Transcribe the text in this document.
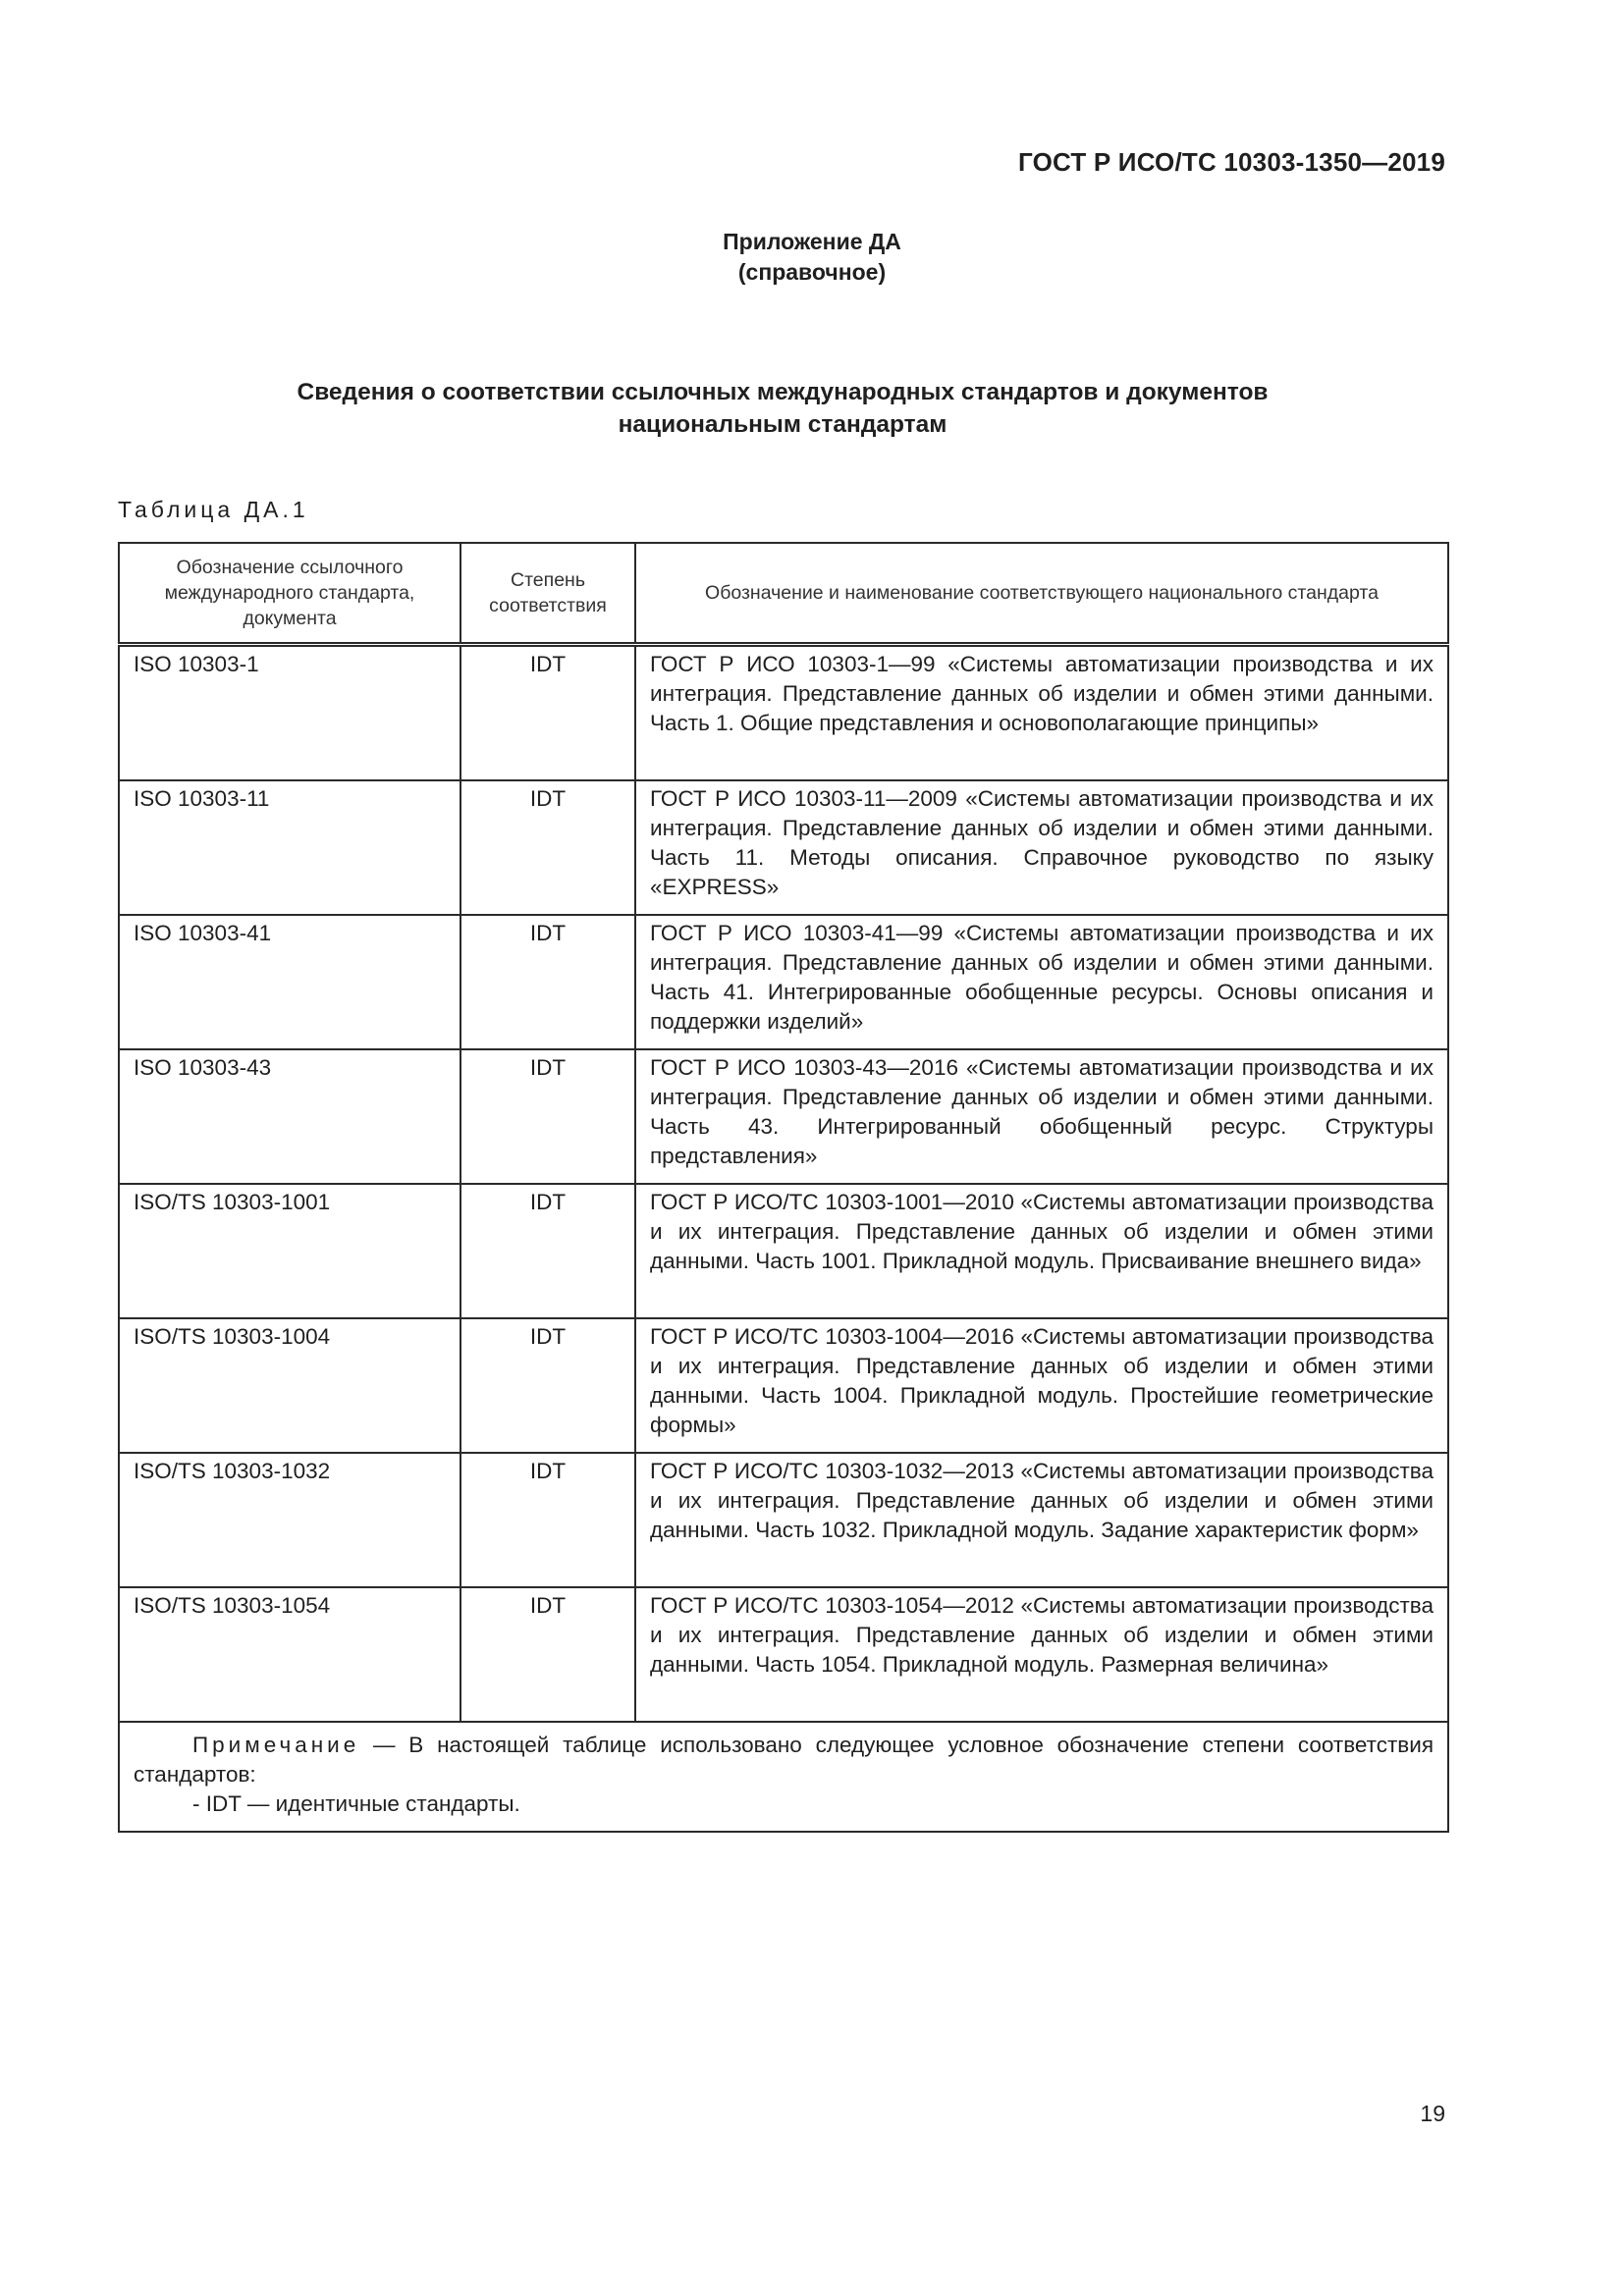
ГОСТ Р ИСО/ТС 10303-1350—2019
Приложение ДА
(справочное)
Сведения о соответствии ссылочных международных стандартов и документов
национальным стандартам
Таблица ДА.1
Обозначение ссылочного международного стандарта, документа	Степень соответствия	Обозначение и наименование соответствующего национального стандарта
ISO 10303-1	IDT	ГОСТ Р ИСО 10303-1—99 «Системы автоматизации производства и их интеграция. Представление данных об изделии и обмен этими данными. Часть 1. Общие представления и основополагающие принципы»
ISO 10303-11	IDT	ГОСТ Р ИСО 10303-11—2009 «Системы автоматизации производства и их интеграция. Представление данных об изделии и обмен этими данными. Часть 11. Методы описания. Справочное руководство по языку «EXPRESS»
ISO 10303-41	IDT	ГОСТ Р ИСО 10303-41—99 «Системы автоматизации производства и их интеграция. Представление данных об изделии и обмен этими данными. Часть 41. Интегрированные обобщенные ресурсы. Основы описания и поддержки изделий»
ISO 10303-43	IDT	ГОСТ Р ИСО 10303-43—2016 «Системы автоматизации производства и их интеграция. Представление данных об изделии и обмен этими данными. Часть 43. Интегрированный обобщенный ресурс. Структуры представления»
ISO/TS 10303-1001	IDT	ГОСТ Р ИСО/ТС 10303-1001—2010 «Системы автоматизации производства и их интеграция. Представление данных об изделии и обмен этими данными. Часть 1001. Прикладной модуль. Присваивание внешнего вида»
ISO/TS 10303-1004	IDT	ГОСТ Р ИСО/ТС 10303-1004—2016 «Системы автоматизации производства и их интеграция. Представление данных об изделии и обмен этими данными. Часть 1004. Прикладной модуль. Простейшие геометрические формы»
ISO/TS 10303-1032	IDT	ГОСТ Р ИСО/ТС 10303-1032—2013 «Системы автоматизации производства и их интеграция. Представление данных об изделии и обмен этими данными. Часть 1032. Прикладной модуль. Задание характеристик форм»
ISO/TS 10303-1054	IDT	ГОСТ Р ИСО/ТС 10303-1054—2012 «Системы автоматизации производства и их интеграция. Представление данных об изделии и обмен этими данными. Часть 1054. Прикладной модуль. Размерная величина»
Примечание — В настоящей таблице использовано следующее условное обозначение степени соответствия стандартов:
- IDT — идентичные стандарты.		
19
